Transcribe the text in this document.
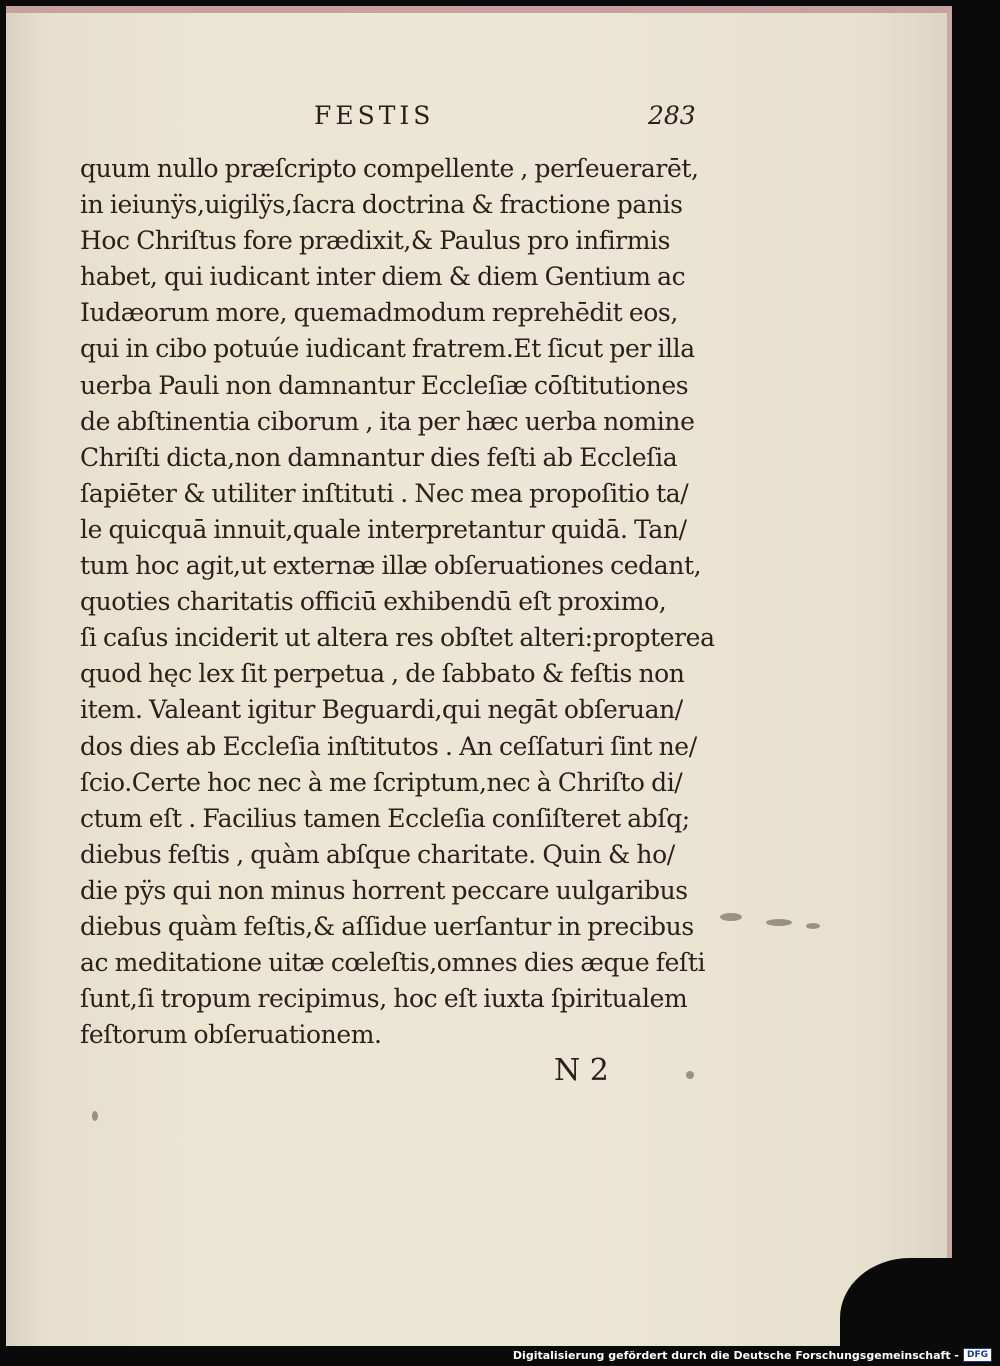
FESTIS	283
quum nullo præſcripto compellente , perſeuerarēt,
in ieiunÿs,uigilÿs,ſacra doctrina & fractione panis
Hoc Chriſtus fore prædixit,& Paulus pro infirmis
habet, qui iudicant inter diem & diem Gentium ac
Iudæorum more, quemadmodum reprehēdit eos,
qui in cibo potuúe iudicant fratrem.Et ſicut per illa
uerba Pauli non damnantur Eccleſiæ cōſtitutiones
de abſtinentia ciborum , ita per hæc uerba nomine
Chriſti dicta,non damnantur dies feſti ab Eccleſia
ſapiēter & utiliter inſtituti . Nec mea propoſitio ta/
le quicquā innuit,quale interpretantur quidā. Tan/
tum hoc agit,ut externæ illæ obſeruationes cedant,
quoties charitatis officiū exhibendū eſt proximo,
ſi caſus inciderit ut altera res obſtet alteri:propterea
quod hęc lex ſit perpetua , de ſabbato & feſtis non
item. Valeant igitur Beguardi,qui negāt obſeruan/
dos dies ab Eccleſia inſtitutos . An ceſſaturi ſint ne/
ſcio.Certe hoc nec à me ſcriptum,nec à Chriſto di/
ctum eſt . Facilius tamen Eccleſia conſiſteret abſq;
diebus feſtis , quàm abſque charitate. Quin & ho/
die pÿs qui non minus horrent peccare uulgaribus
diebus quàm feſtis,& aſſidue uerſantur in precibus
ac meditatione uitæ cœleſtis,omnes dies æque feſti
ſunt,ſi tropum recipimus, hoc eſt iuxta ſpiritualem
feſtorum obſeruationem.
N 2
Digitalisierung gefördert durch die Deutsche Forschungsgemeinschaft - DFG
